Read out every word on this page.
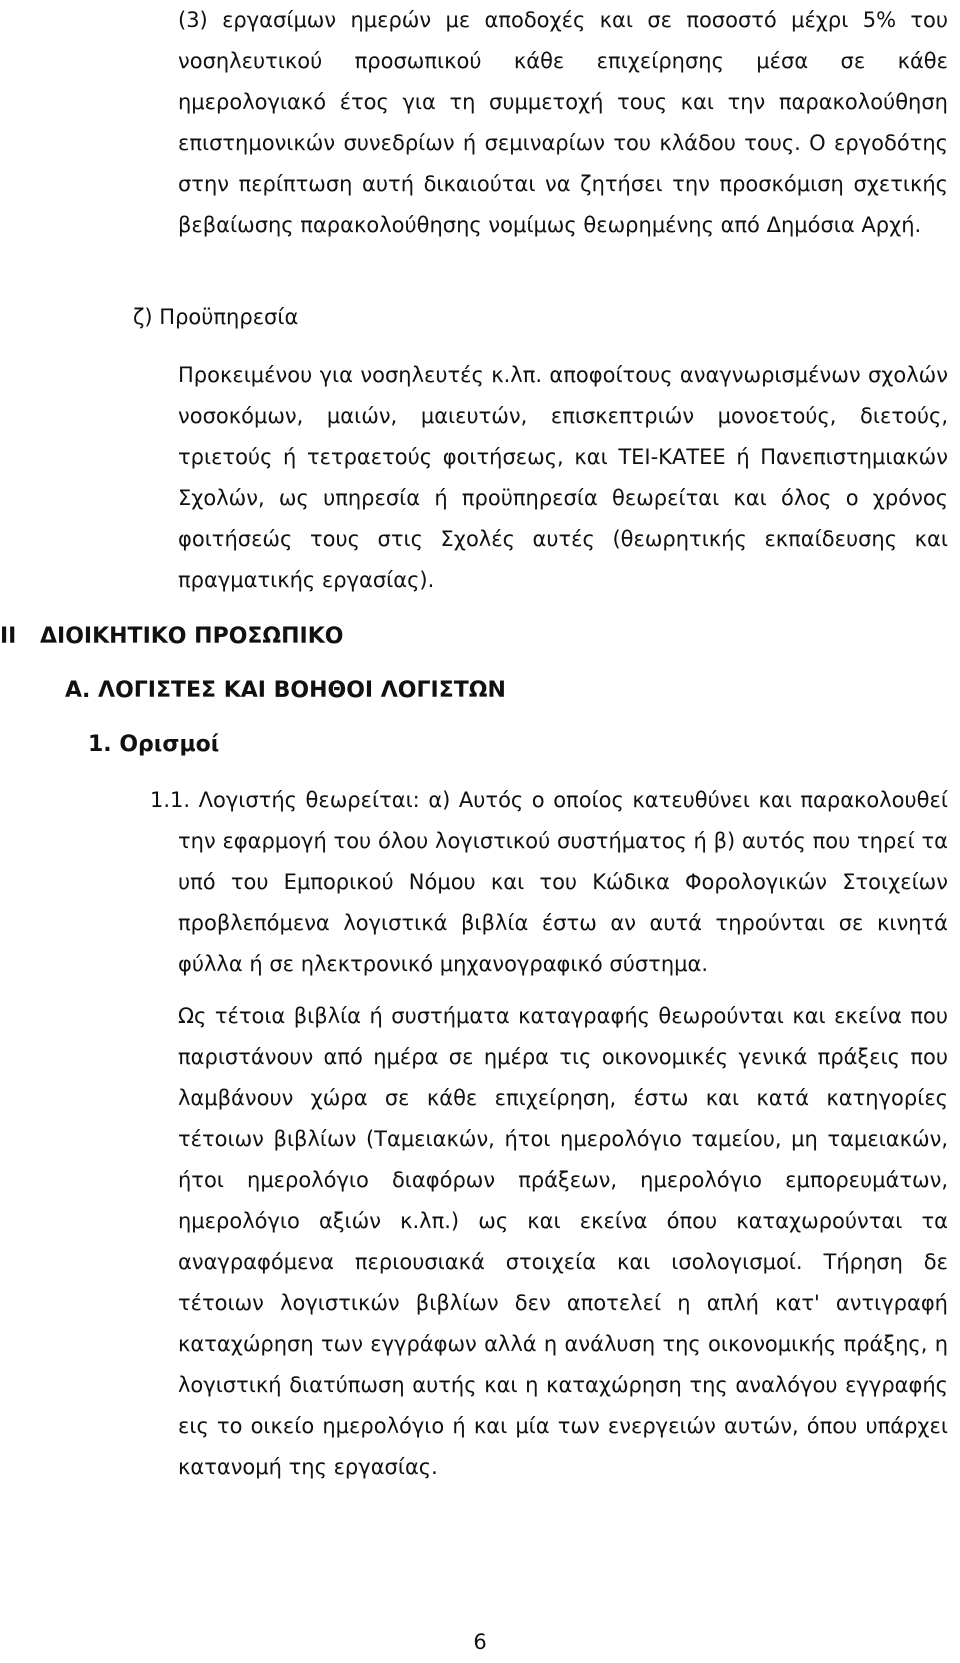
(3) εργασίμων ημερών με αποδοχές και σε ποσοστό μέχρι 5% του νοσηλευτικού προσωπικού κάθε επιχείρησης μέσα σε κάθε ημερολογιακό έτος για τη συμμετοχή τους και την παρακολούθηση επιστημονικών συνεδρίων ή σεμιναρίων του κλάδου τους. Ο εργοδότης στην περίπτωση αυτή δικαιούται να ζητήσει την προσκόμιση σχετικής βεβαίωσης παρακολούθησης νομίμως θεωρημένης από Δημόσια Αρχή.

ζ) Προϋπηρεσία

Προκειμένου για νοσηλευτές κ.λπ. αποφοίτους αναγνωρισμένων σχολών νοσοκόμων, μαιών, μαιευτών, επισκεπτριών μονοετούς, διετούς, τριετούς ή τετραετούς φοιτήσεως, και ΤΕΙ-ΚΑΤΕΕ ή Πανεπιστημιακών Σχολών, ως υπηρεσία ή προϋπηρεσία θεωρείται και όλος ο χρόνος φοιτήσεώς τους στις Σχολές αυτές (θεωρητικής εκπαίδευσης και πραγματικής εργασίας).

ΙΙ ΔΙΟΙΚΗΤΙΚΟ ΠΡΟΣΩΠΙΚΟ
Α. ΛΟΓΙΣΤΕΣ ΚΑΙ ΒΟΗΘΟΙ ΛΟΓΙΣΤΩΝ
1. Ορισμοί

1.1. Λογιστής θεωρείται: α) Αυτός ο οποίος κατευθύνει και παρακολουθεί την εφαρμογή του όλου λογιστικού συστήματος ή β) αυτός που τηρεί τα υπό του Εμπορικού Νόμου και του Κώδικα Φορολογικών Στοιχείων προβλεπόμενα λογιστικά βιβλία έστω αν αυτά τηρούνται σε κινητά φύλλα ή σε ηλεκτρονικό μηχανογραφικό σύστημα.

Ως τέτοια βιβλία ή συστήματα καταγραφής θεωρούνται και εκείνα που παριστάνουν από ημέρα σε ημέρα τις οικονομικές γενικά πράξεις που λαμβάνουν χώρα σε κάθε επιχείρηση, έστω και κατά κατηγορίες τέτοιων βιβλίων (Ταμειακών, ήτοι ημερολόγιο ταμείου, μη ταμειακών, ήτοι ημερολόγιο διαφόρων πράξεων, ημερολόγιο εμπορευμάτων, ημερολόγιο αξιών κ.λπ.) ως και εκείνα όπου καταχωρούνται τα αναγραφόμενα περιουσιακά στοιχεία και ισολογισμοί. Τήρηση δε τέτοιων λογιστικών βιβλίων δεν αποτελεί η απλή κατ' αντιγραφή καταχώρηση των εγγράφων αλλά η ανάλυση της οικονομικής πράξης, η λογιστική διατύπωση αυτής και η καταχώρηση της αναλόγου εγγραφής εις το οικείο ημερολόγιο ή και μία των ενεργειών αυτών, όπου υπάρχει κατανομή της εργασίας.

6
